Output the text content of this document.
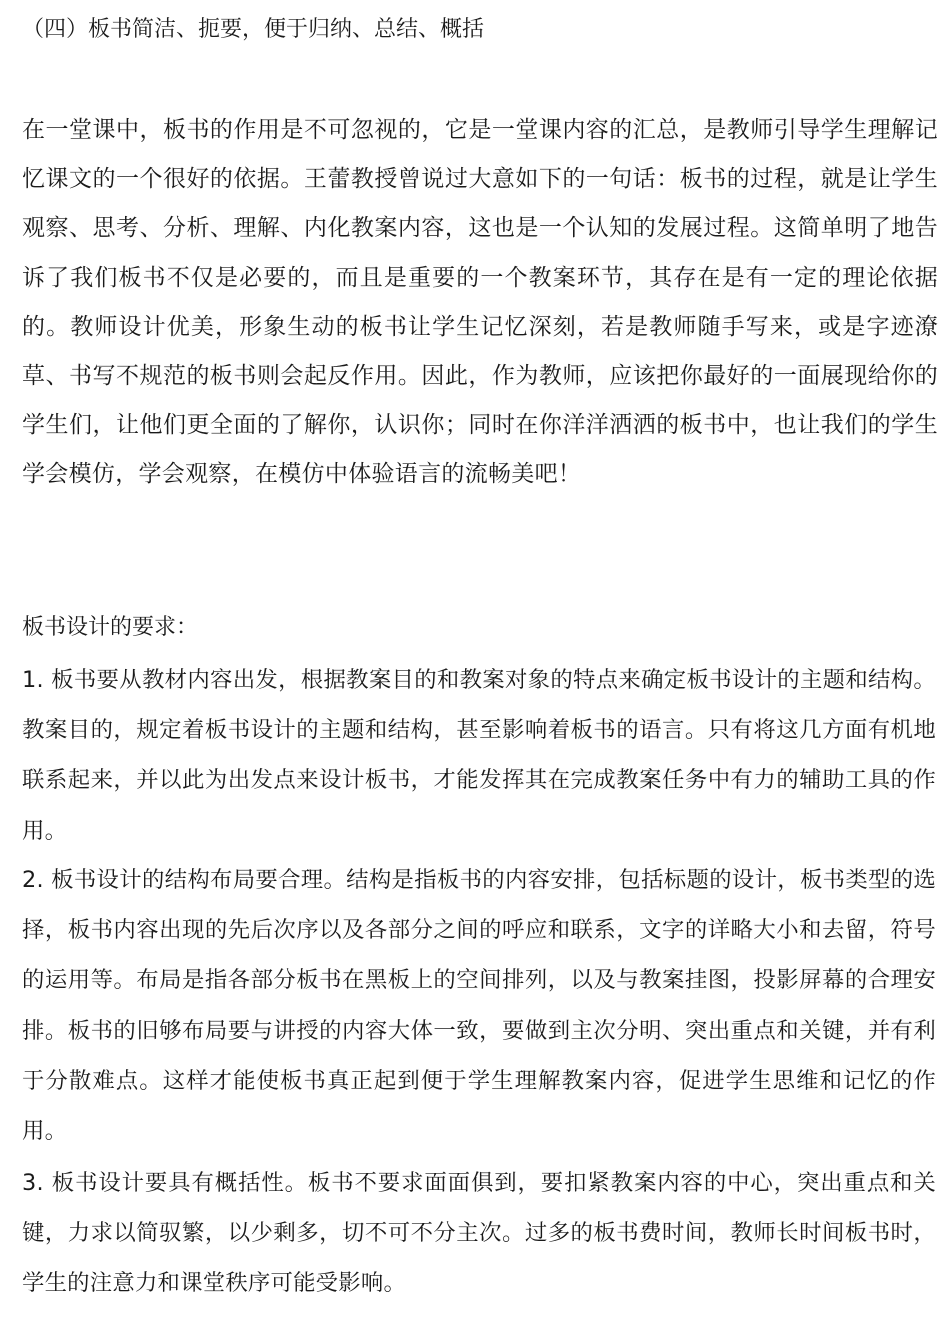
（四）板书简洁、扼要，便于归纳、总结、概括
在一堂课中，板书的作用是不可忽视的，它是一堂课内容的汇总，是教师引导学生理解记忆课文的一个很好的依据。王蕾教授曾说过大意如下的一句话：板书的过程，就是让学生观察、思考、分析、理解、内化教案内容，这也是一个认知的发展过程。这简单明了地告诉了我们板书不仅是必要的，而且是重要的一个教案环节，其存在是有一定的理论依据的。教师设计优美，形象生动的板书让学生记忆深刻，若是教师随手写来，或是字迹潦草、书写不规范的板书则会起反作用。因此，作为教师，应该把你最好的一面展现给你的学生们，让他们更全面的了解你，认识你；同时在你洋洋洒洒的板书中，也让我们的学生学会模仿，学会观察，在模仿中体验语言的流畅美吧！
板书设计的要求：
1. 板书要从教材内容出发，根据教案目的和教案对象的特点来确定板书设计的主题和结构。教案目的，规定着板书设计的主题和结构，甚至影响着板书的语言。只有将这几方面有机地联系起来，并以此为出发点来设计板书，才能发挥其在完成教案任务中有力的辅助工具的作用。
2. 板书设计的结构布局要合理。结构是指板书的内容安排，包括标题的设计，板书类型的选择，板书内容出现的先后次序以及各部分之间的呼应和联系，文字的详略大小和去留，符号的运用等。布局是指各部分板书在黑板上的空间排列，以及与教案挂图，投影屏幕的合理安排。板书的旧够布局要与讲授的内容大体一致，要做到主次分明、突出重点和关键，并有利于分散难点。这样才能使板书真正起到便于学生理解教案内容，促进学生思维和记忆的作用。
3. 板书设计要具有概括性。板书不要求面面俱到，要扣紧教案内容的中心，突出重点和关键，力求以简驭繁，以少剩多，切不可不分主次。过多的板书费时间，教师长时间板书时，学生的注意力和课堂秩序可能受影响。
